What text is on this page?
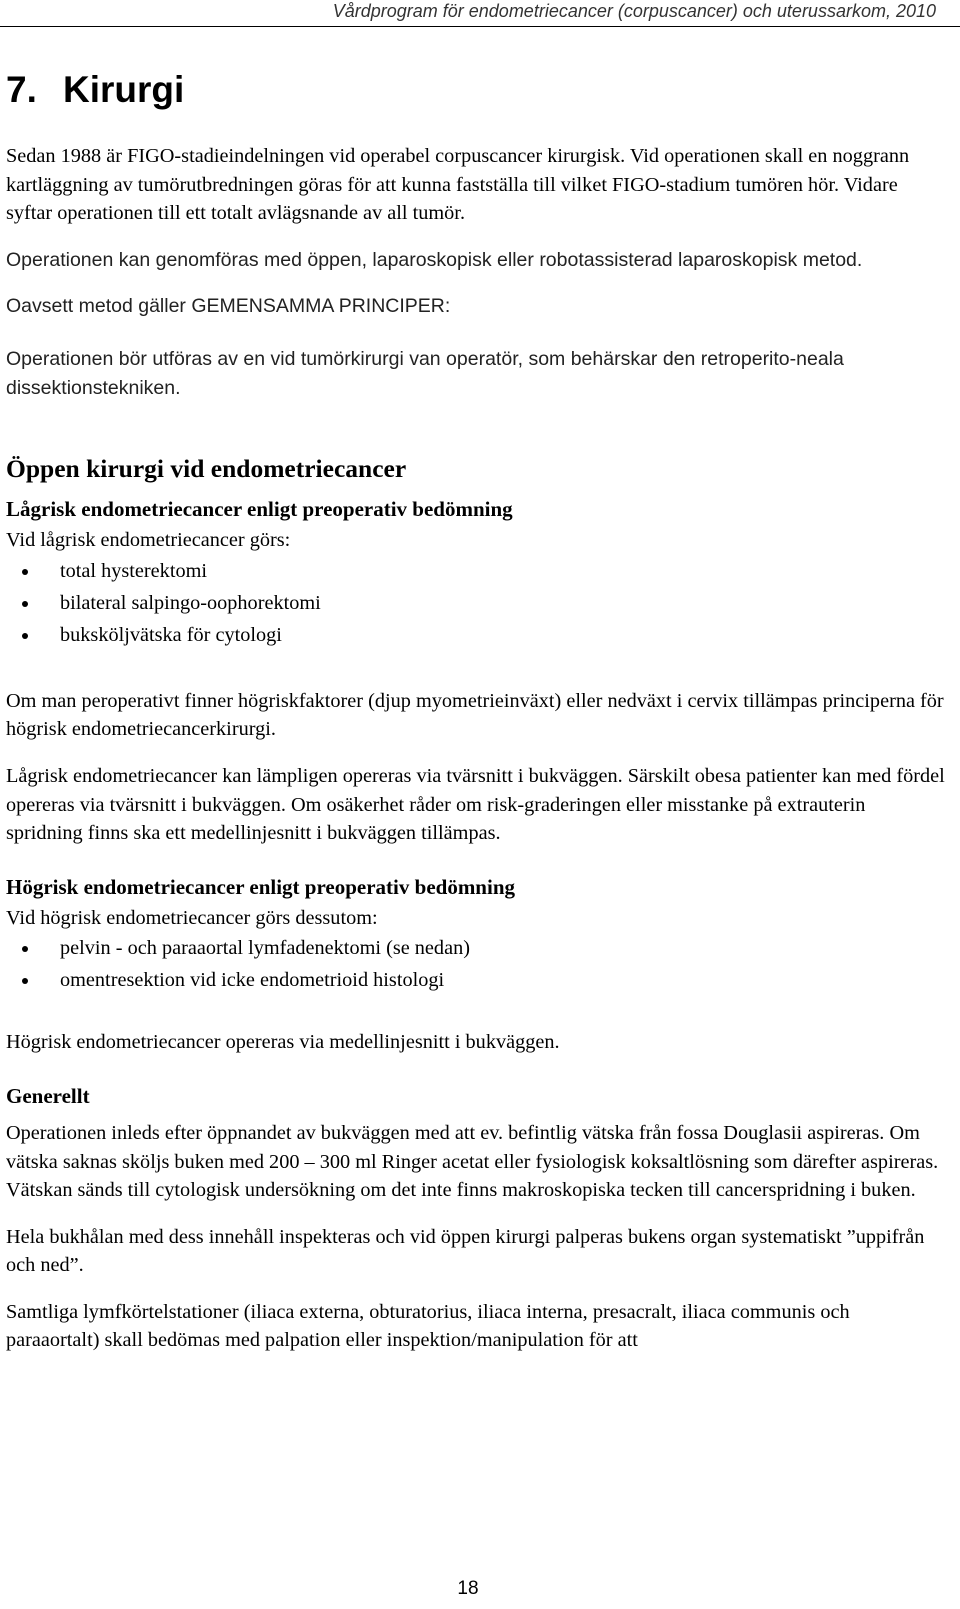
Vårdprogram för endometriecancer (corpuscancer) och uterussarkom, 2010
7. Kirurgi

Sedan 1988 är FIGO-stadieindelningen vid operabel corpuscancer kirurgisk. Vid operationen skall en noggrann kartläggning av tumörutbredningen göras för att kunna fastställa till vilket FIGO-stadium tumören hör. Vidare syftar operationen till ett totalt avlägsnande av all tumör.

Operationen kan genomföras med öppen, laparoskopisk eller robotassisterad laparoskopisk metod.

Oavsett metod gäller GEMENSAMMA PRINCIPER:

Operationen bör utföras av en vid tumörkirurgi van operatör, som behärskar den retroperito-neala dissektionstekniken.

Öppen kirurgi vid endometriecancer
Lågrisk endometriecancer enligt preoperativ bedömning

Vid lågrisk endometriecancer görs:

total hysterektomi
bilateral salpingo-oophorektomi
buksköljvätska för cytologi

Om man peroperativt finner högriskfaktorer (djup myometrieinväxt) eller nedväxt i cervix tillämpas principerna för högrisk endometriecancerkirurgi.

Lågrisk endometriecancer kan lämpligen opereras via tvärsnitt i bukväggen. Särskilt obesa patienter kan med fördel opereras via tvärsnitt i bukväggen. Om osäkerhet råder om risk-graderingen eller misstanke på extrauterin spridning finns ska ett medellinjesnitt i bukväggen tillämpas.

Högrisk endometriecancer enligt preoperativ bedömning

Vid högrisk endometriecancer görs dessutom:

pelvin - och paraaortal lymfadenektomi (se nedan)
omentresektion vid icke endometrioid histologi

Högrisk endometriecancer opereras via medellinjesnitt i bukväggen.

Generellt

Operationen inleds efter öppnandet av bukväggen med att ev. befintlig vätska från fossa Douglasii aspireras. Om vätska saknas sköljs buken med 200 – 300 ml Ringer acetat eller fysiologisk koksaltlösning som därefter aspireras. Vätskan sänds till cytologisk undersökning om det inte finns makroskopiska tecken till cancerspridning i buken.

Hela bukhålan med dess innehåll inspekteras och vid öppen kirurgi palperas bukens organ systematiskt ”uppifrån och ned”.

Samtliga lymfkörtelstationer (iliaca externa, obturatorius, iliaca interna, presacralt, iliaca communis och paraaortalt) skall bedömas med palpation eller inspektion/manipulation för att

18
